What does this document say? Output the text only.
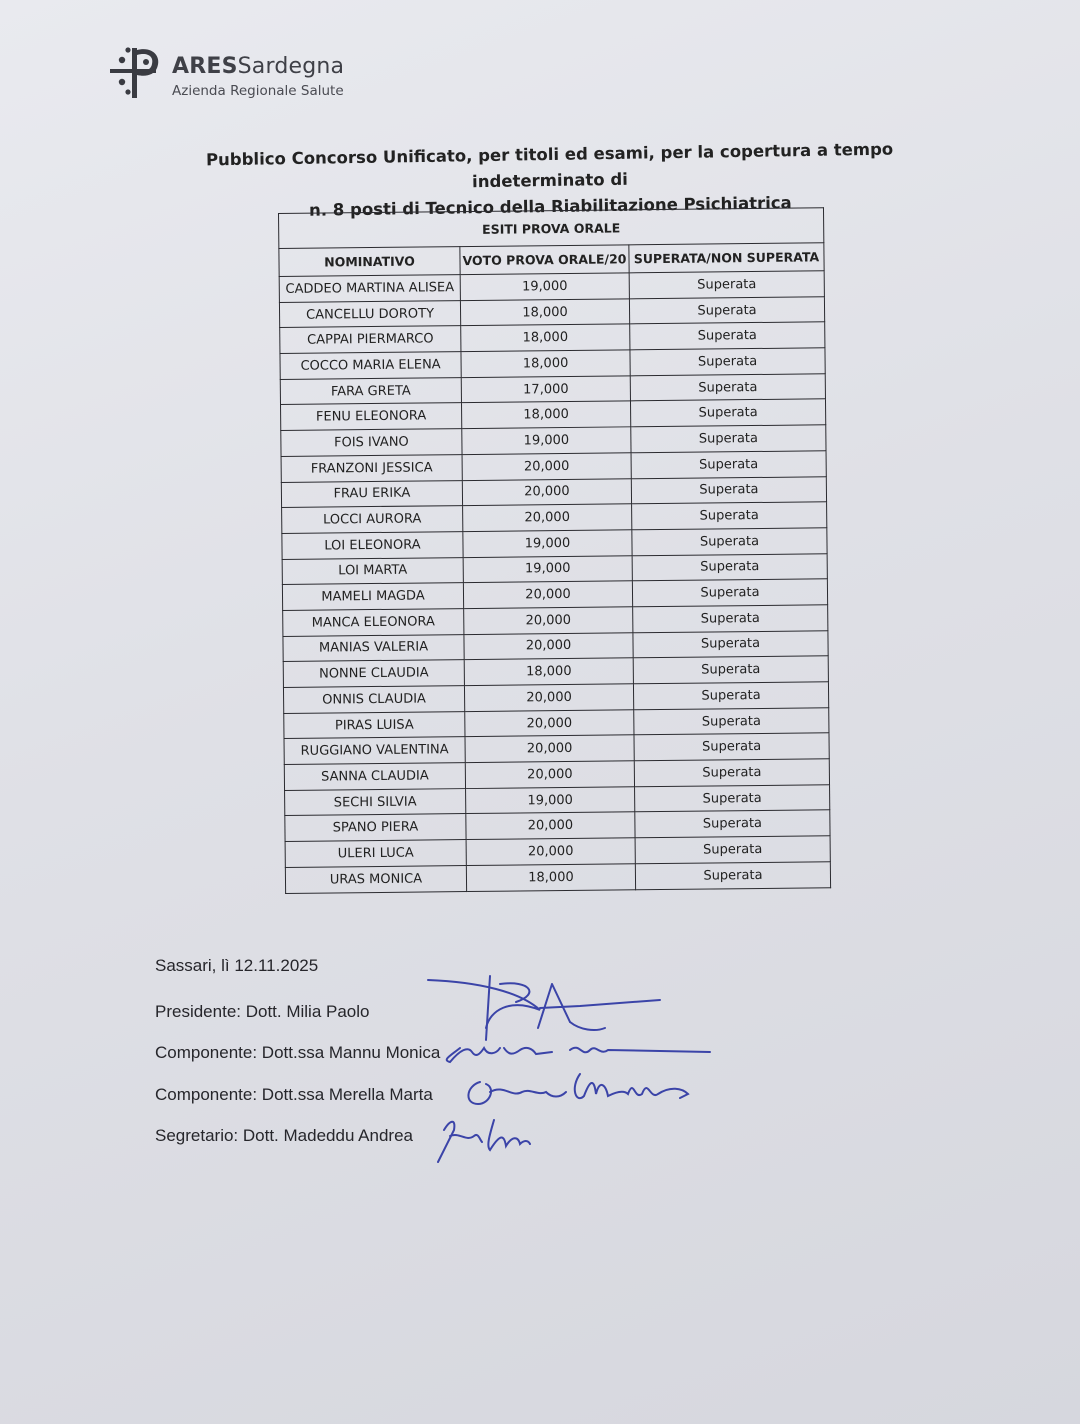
ARESSardegna
Azienda Regionale Salute
Pubblico Concorso Unificato, per titoli ed esami, per la copertura a tempo indeterminato di
n. 8 posti di Tecnico della Riabilitazione Psichiatrica
ESITI PROVA ORALE		
NOMINATIVO	VOTO PROVA ORALE/20	SUPERATA/NON SUPERATA
CADDEO MARTINA ALISEA	19,000	Superata
CANCELLU DOROTY	18,000	Superata
CAPPAI PIERMARCO	18,000	Superata
COCCO MARIA ELENA	18,000	Superata
FARA GRETA	17,000	Superata
FENU ELEONORA	18,000	Superata
FOIS IVANO	19,000	Superata
FRANZONI JESSICA	20,000	Superata
FRAU ERIKA	20,000	Superata
LOCCI AURORA	20,000	Superata
LOI ELEONORA	19,000	Superata
LOI MARTA	19,000	Superata
MAMELI MAGDA	20,000	Superata
MANCA ELEONORA	20,000	Superata
MANIAS VALERIA	20,000	Superata
NONNE CLAUDIA	18,000	Superata
ONNIS CLAUDIA	20,000	Superata
PIRAS LUISA	20,000	Superata
RUGGIANO VALENTINA	20,000	Superata
SANNA CLAUDIA	20,000	Superata
SECHI SILVIA	19,000	Superata
SPANO PIERA	20,000	Superata
ULERI LUCA	20,000	Superata
URAS MONICA	18,000	Superata
Sassari, lì 12.11.2025
Presidente: Dott. Milia Paolo
Componente: Dott.ssa Mannu Monica
Componente: Dott.ssa Merella Marta
Segretario: Dott. Madeddu Andrea
